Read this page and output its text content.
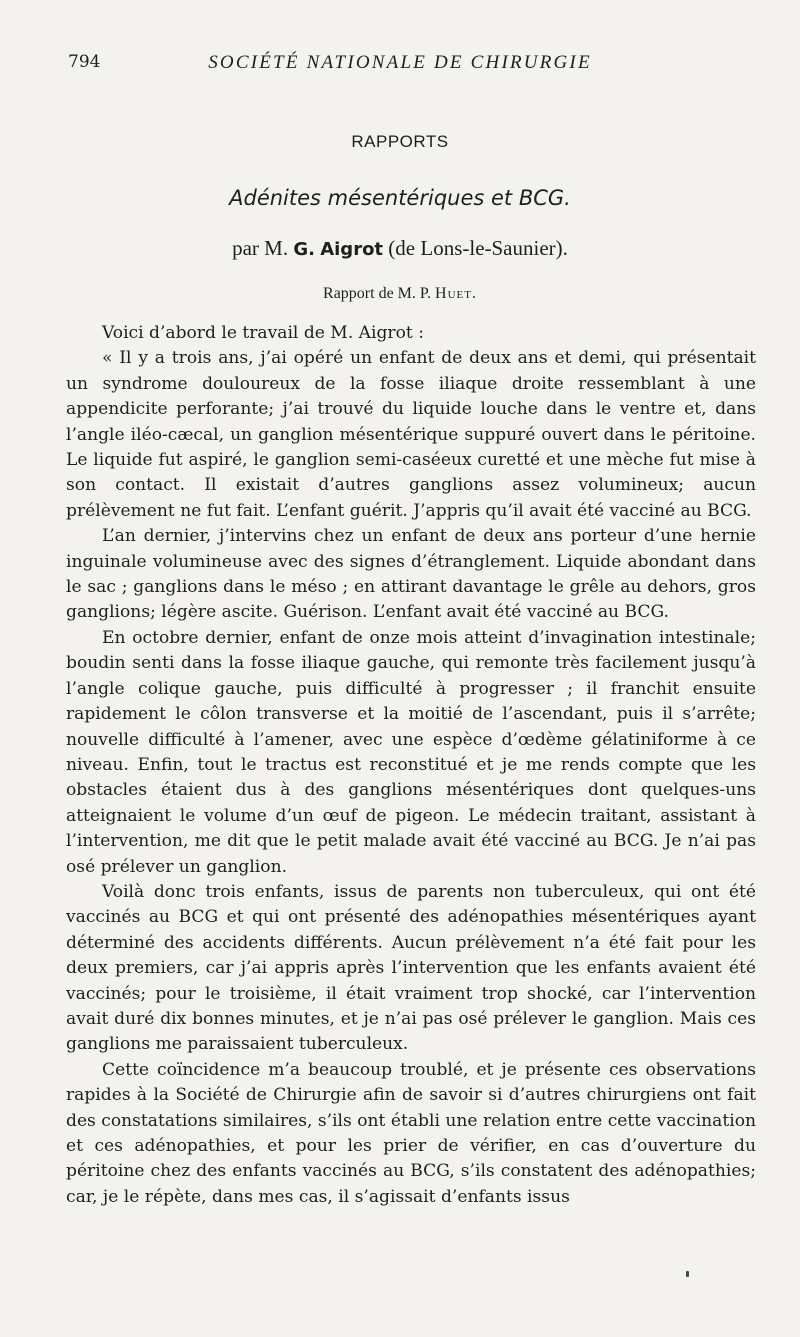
794	SOCIÉTÉ NATIONALE DE CHIRURGIE
RAPPORTS
Adénites mésentériques et BCG.
par M. G. Aigrot (de Lons-le-Saunier).
Rapport de M. P. Huet.

Voici d’abord le travail de M. Aigrot :

« Il y a trois ans, j’ai opéré un enfant de deux ans et demi, qui présentait un syndrome douloureux de la fosse iliaque droite ressemblant à une appendicite perforante; j’ai trouvé du liquide louche dans le ventre et, dans l’angle iléo-cæcal, un ganglion mésentérique suppuré ouvert dans le péritoine. Le liquide fut aspiré, le ganglion semi-caséeux curetté et une mèche fut mise à son contact. Il existait d’autres ganglions assez volumineux; aucun prélèvement ne fut fait. L’enfant guérit. J’appris qu’il avait été vacciné au BCG.

L’an dernier, j’intervins chez un enfant de deux ans porteur d’une hernie inguinale volumineuse avec des signes d’étranglement. Liquide abondant dans le sac ; ganglions dans le méso ; en attirant davantage le grêle au dehors, gros ganglions; légère ascite. Guérison. L’enfant avait été vacciné au BCG.

En octobre dernier, enfant de onze mois atteint d’invagination intestinale; boudin senti dans la fosse iliaque gauche, qui remonte très facilement jusqu’à l’angle colique gauche, puis difficulté à progresser ; il franchit ensuite rapidement le côlon transverse et la moitié de l’ascendant, puis il s’arrête; nouvelle difficulté à l’amener, avec une espèce d’œdème gélatiniforme à ce niveau. Enfin, tout le tractus est reconstitué et je me rends compte que les obstacles étaient dus à des ganglions mésentériques dont quelques-uns atteignaient le volume d’un œuf de pigeon. Le médecin traitant, assistant à l’intervention, me dit que le petit malade avait été vacciné au BCG. Je n’ai pas osé prélever un ganglion.

Voilà donc trois enfants, issus de parents non tuberculeux, qui ont été vaccinés au BCG et qui ont présenté des adénopathies mésentériques ayant déterminé des accidents différents. Aucun prélèvement n’a été fait pour les deux premiers, car j’ai appris après l’intervention que les enfants avaient été vaccinés; pour le troisième, il était vraiment trop shocké, car l’intervention avait duré dix bonnes minutes, et je n’ai pas osé prélever le ganglion. Mais ces ganglions me paraissaient tuberculeux.

Cette coïncidence m’a beaucoup troublé, et je présente ces observations rapides à la Société de Chirurgie afin de savoir si d’autres chirurgiens ont fait des constatations similaires, s’ils ont établi une relation entre cette vaccination et ces adénopathies, et pour les prier de vérifier, en cas d’ouverture du péritoine chez des enfants vaccinés au BCG, s’ils constatent des adénopathies; car, je le répète, dans mes cas, il s’agissait d’enfants issus
